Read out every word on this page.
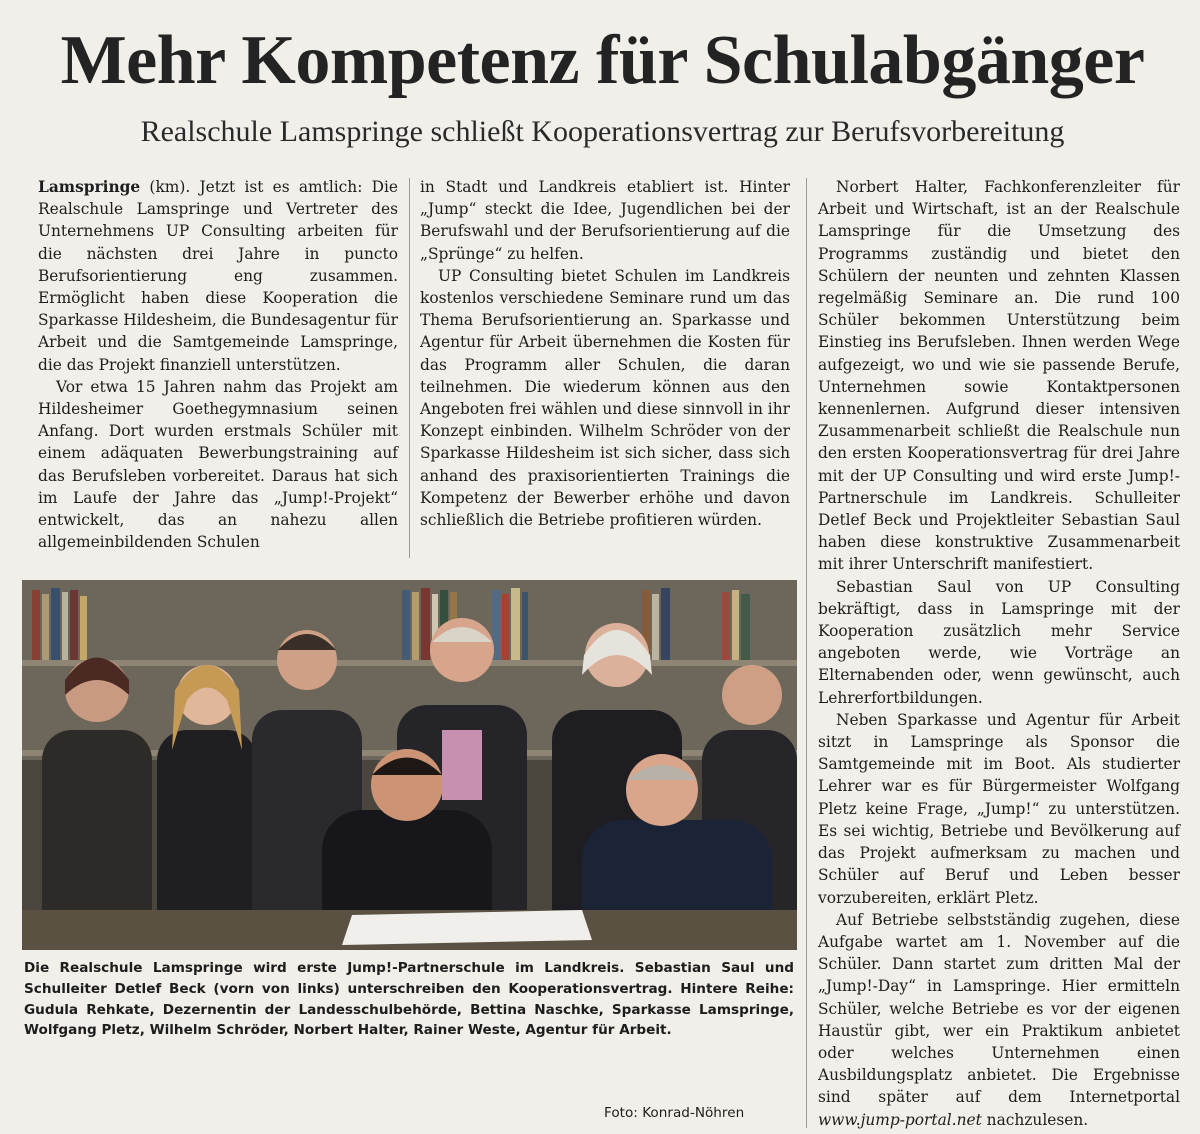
Mehr Kompetenz für Schulabgänger
Realschule Lamspringe schließt Kooperationsvertrag zur Berufsvorbereitung

Lamspringe (km). Jetzt ist es amtlich: Die Realschule Lamspringe und Vertreter des Unternehmens UP Consulting arbeiten für die nächsten drei Jahre in puncto Berufsorientierung eng zusammen. Ermöglicht haben diese Kooperation die Sparkasse Hildesheim, die Bundesagentur für Arbeit und die Samtgemeinde Lamspringe, die das Projekt finanziell unterstützen.

Vor etwa 15 Jahren nahm das Projekt am Hildesheimer Goethegymnasium seinen Anfang. Dort wurden erstmals Schüler mit einem adäquaten Bewerbungstraining auf das Berufsleben vorbereitet. Daraus hat sich im Laufe der Jahre das „Jump!-Projekt“ entwickelt, das an nahezu allen allgemeinbildenden Schulen

in Stadt und Landkreis etabliert ist. Hinter „Jump“ steckt die Idee, Jugendlichen bei der Berufswahl und der Berufsorientierung auf die „Sprünge“ zu helfen.

UP Consulting bietet Schulen im Landkreis kostenlos verschiedene Seminare rund um das Thema Berufsorientierung an. Sparkasse und Agentur für Arbeit übernehmen die Kosten für das Programm aller Schulen, die daran teilnehmen. Die wiederum können aus den Angeboten frei wählen und diese sinnvoll in ihr Konzept einbinden. Wilhelm Schröder von der Sparkasse Hildesheim ist sich sicher, dass sich anhand des praxisorientierten Trainings die Kompetenz der Bewerber erhöhe und davon schließlich die Betriebe profitieren würden.

Norbert Halter, Fachkonferenzleiter für Arbeit und Wirtschaft, ist an der Realschule Lamspringe für die Umsetzung des Programms zuständig und bietet den Schülern der neunten und zehnten Klassen regelmäßig Seminare an. Die rund 100 Schüler bekommen Unterstützung beim Einstieg ins Berufsleben. Ihnen werden Wege aufgezeigt, wo und wie sie passende Berufe, Unternehmen sowie Kontaktpersonen kennenlernen. Aufgrund dieser intensiven Zusammenarbeit schließt die Realschule nun den ersten Kooperationsvertrag für drei Jahre mit der UP Consulting und wird erste Jump!-Partnerschule im Landkreis. Schulleiter Detlef Beck und Projektleiter Sebastian Saul haben diese konstruktive Zusammenarbeit mit ihrer Unterschrift manifestiert.

Sebastian Saul von UP Consulting bekräftigt, dass in Lamspringe mit der Kooperation zusätzlich mehr Service angeboten werde, wie Vorträge an Elternabenden oder, wenn gewünscht, auch Lehrerfortbildungen.

Neben Sparkasse und Agentur für Arbeit sitzt in Lamspringe als Sponsor die Samtgemeinde mit im Boot. Als studierter Lehrer war es für Bürgermeister Wolfgang Pletz keine Frage, „Jump!“ zu unterstützen. Es sei wichtig, Betriebe und Bevölkerung auf das Projekt aufmerksam zu machen und Schüler auf Beruf und Leben besser vorzubereiten, erklärt Pletz.

Auf Betriebe selbstständig zugehen, diese Aufgabe wartet am 1. November auf die Schüler. Dann startet zum dritten Mal der „Jump!-Day“ in Lamspringe. Hier ermitteln Schüler, welche Betriebe es vor der eigenen Haustür gibt, wer ein Praktikum anbietet oder welches Unternehmen einen Ausbildungsplatz anbietet. Die Ergebnisse sind später auf dem Internetportal www.jump-portal.net nachzulesen.

Die Realschule Lamspringe wird erste Jump!-Partnerschule im Landkreis. Sebastian Saul und Schulleiter Detlef Beck (vorn von links) unterschreiben den Kooperationsvertrag. Hintere Reihe: Gudula Rehkate, Dezernentin der Landesschulbehörde, Bettina Naschke, Sparkasse Lamspringe, Wolfgang Pletz, Wilhelm Schröder, Norbert Halter, Rainer Weste, Agentur für Arbeit.
Foto: Konrad-Nöhren
